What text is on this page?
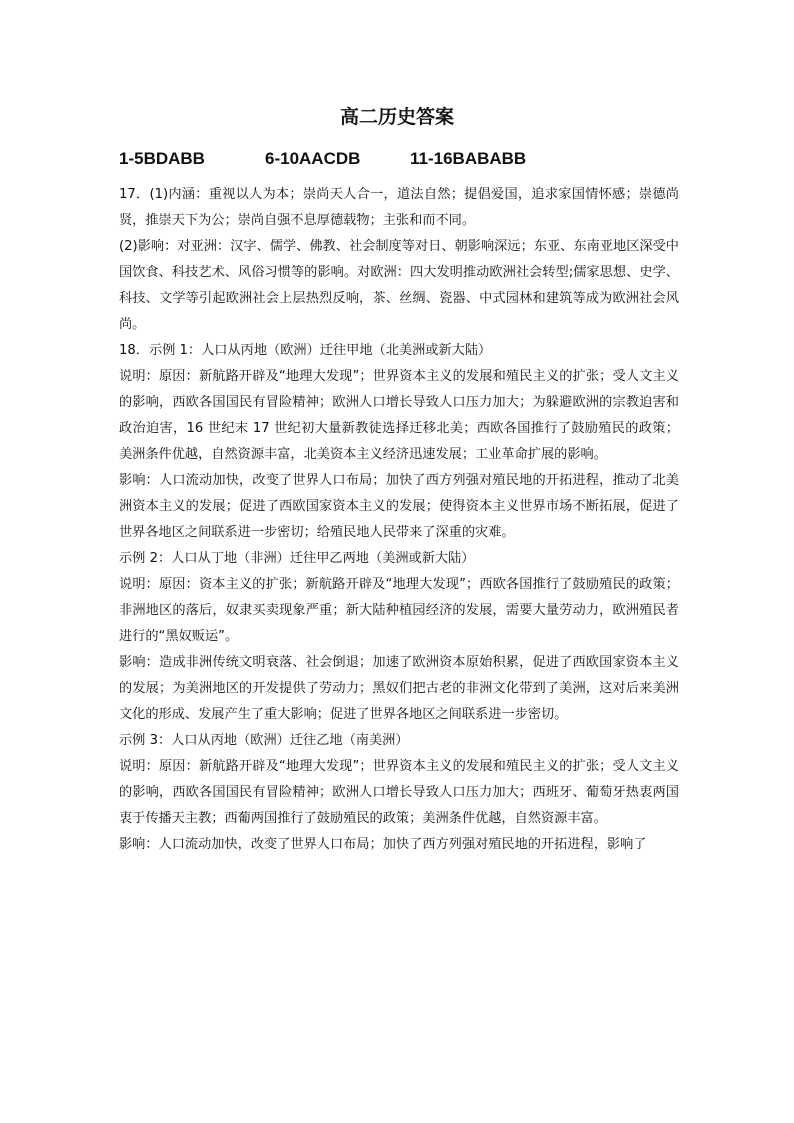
高二历史答案
1-5BDABB	6-10AACDB	11-16BABABB

17．(1)内涵：重视以人为本；崇尚天人合一，道法自然；提倡爱国，追求家国情怀感；崇德尚贤，推崇天下为公；崇尚自强不息厚德载物；主张和而不同。

(2)影响：对亚洲：汉字、儒学、佛教、社会制度等对日、朝影响深远；东亚、东南亚地区深受中国饮食、科技艺术、风俗习惯等的影响。对欧洲：四大发明推动欧洲社会转型;儒家思想、史学、科技、文学等引起欧洲社会上层热烈反响，茶、丝绸、瓷器、中式园林和建筑等成为欧洲社会风尚。

18．示例 1：人口从丙地（欧洲）迁往甲地（北美洲或新大陆）

说明：原因：新航路开辟及“地理大发现”；世界资本主义的发展和殖民主义的扩张；受人文主义的影响，西欧各国国民有冒险精神；欧洲人口增长导致人口压力加大；为躲避欧洲的宗教迫害和政治迫害，16 世纪末 17 世纪初大量新教徒选择迁移北美；西欧各国推行了鼓励殖民的政策；美洲条件优越，自然资源丰富，北美资本主义经济迅速发展；工业革命扩展的影响。

影响：人口流动加快，改变了世界人口布局；加快了西方列强对殖民地的开拓进程，推动了北美洲资本主义的发展；促进了西欧国家资本主义的发展；使得资本主义世界市场不断拓展，促进了世界各地区之间联系进一步密切；给殖民地人民带来了深重的灾难。

示例 2：人口从丁地（非洲）迁往甲乙两地（美洲或新大陆）

说明：原因：资本主义的扩张；新航路开辟及“地理大发现”；西欧各国推行了鼓励殖民的政策；非洲地区的落后，奴隶买卖现象严重；新大陆种植园经济的发展，需要大量劳动力，欧洲殖民者进行的“黑奴贩运”。

影响：造成非洲传统文明衰落、社会倒退；加速了欧洲资本原始积累，促进了西欧国家资本主义的发展；为美洲地区的开发提供了劳动力；黑奴们把古老的非洲文化带到了美洲，这对后来美洲文化的形成、发展产生了重大影响；促进了世界各地区之间联系进一步密切。

示例 3：人口从丙地（欧洲）迁往乙地（南美洲）

说明：原因：新航路开辟及“地理大发现”；世界资本主义的发展和殖民主义的扩张；受人文主义的影响，西欧各国国民有冒险精神；欧洲人口增长导致人口压力加大；西班牙、葡萄牙热衷两国衷于传播天主教；西葡两国推行了鼓励殖民的政策；美洲条件优越，自然资源丰富。

影响：人口流动加快，改变了世界人口布局；加快了西方列强对殖民地的开拓进程，影响了
